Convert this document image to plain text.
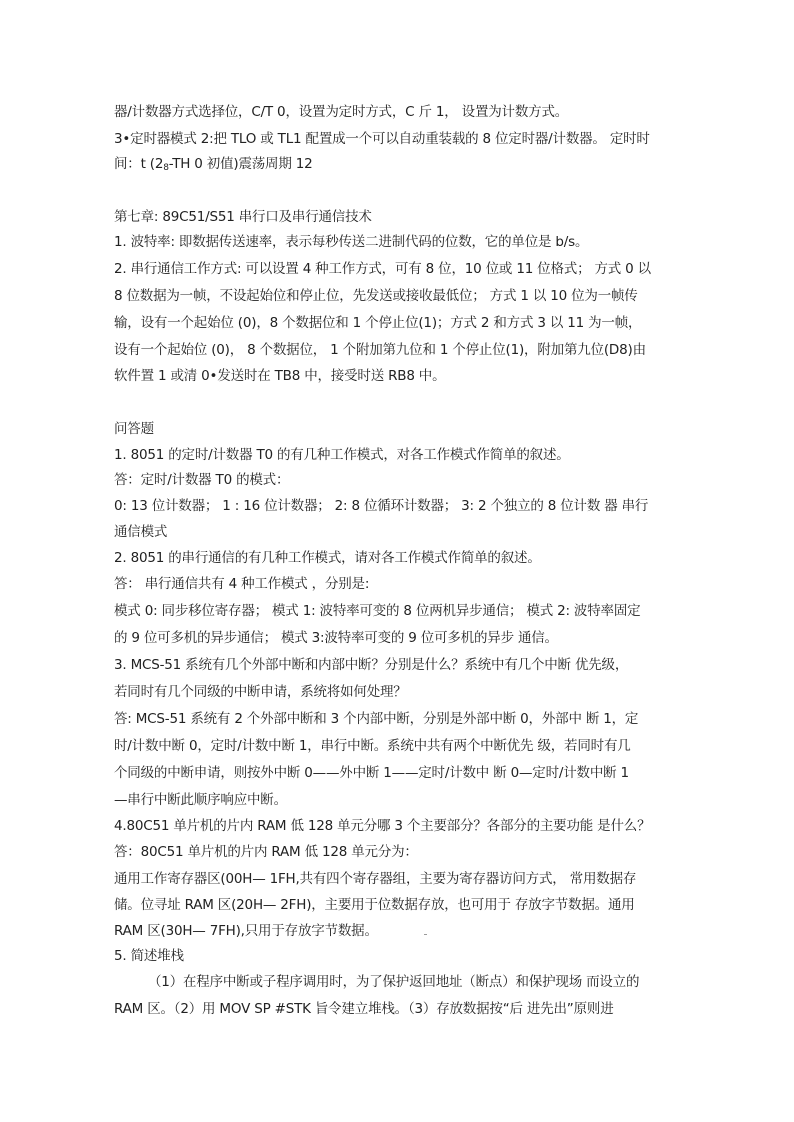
器/计数器方式选择位，C/T 0，设置为定时方式，C 斤 1， 设置为计数方式。
3•定时器模式 2:把 TLO 或 TL1 配置成一个可以自动重装载的 8 位定时器/计数器。 定时时
间：t ($2_8-TH$ 0 初值)震荡周期 12
第七章: 89C51/S51 串行口及串行通信技术
1. 波特率: 即数据传送速率，表示每秒传送二进制代码的位数，它的单位是 b/s。
2. 串行通信工作方式: 可以设置 4 种工作方式，可有 8 位，10 位或 11 位格式； 方式 0 以
8 位数据为一帧，不设起始位和停止位，先发送或接收最低位； 方式 1 以 10 位为一帧传
输，设有一个起始位 (0)，8 个数据位和 1 个停止位(1)；方式 2 和方式 3 以 11 为一帧，
设有一个起始位 (0)， 8 个数据位， 1 个附加第九位和 1 个停止位(1)，附加第九位(D8)由
软件置 1 或清 0•发送时在 TB8 中，接受时送 RB8 中。
问答题
1. 8051 的定时/计数器 T0 的有几种工作模式，对各工作模式作简单的叙述。
答：定时/计数器 T0 的模式：
0: 13 位计数器； 1 : 16 位计数器； 2: 8 位循环计数器； 3: 2 个独立的 8 位计数 器 串行
通信模式
2. 8051 的串行通信的有几种工作模式，请对各工作模式作简单的叙述。
答： 串行通信共有 4 种工作模式 ，分别是:
模式 0: 同步移位寄存器； 模式 1: 波特率可变的 8 位两机异步通信； 模式 2: 波特率固定
的 9 位可多机的异步通信； 模式 3:波特率可变的 9 位可多机的异步 通信。
3. MCS-51 系统有几个外部中断和内部中断？分别是什么？系统中有几个中断 优先级，
若同时有几个同级的中断申请，系统将如何处理？
答: MCS-51 系统有 2 个外部中断和 3 个内部中断，分别是外部中断 0，外部中 断 1，定
时/计数中断 0，定时/计数中断 1，串行中断。系统中共有两个中断优先 级，若同时有几
个同级的中断申请，则按外中断 0——外中断 1——定时/计数中 断 0—定时/计数中断 1
—串行中断此顺序响应中断。
4.80C51 单片机的片内 RAM 低 128 单元分哪 3 个主要部分？各部分的主要功能 是什么？
答：80C51 单片机的片内 RAM 低 128 单元分为：
通用工作寄存器区(00H— 1FH,共有四个寄存器组，主要为寄存器访问方式， 常用数据存
储。位寻址 RAM 区(20H— 2FH)，主要用于位数据存放，也可用于 存放字节数据。通用
RAM 区(30H— 7FH),只用于存放字节数据。
5. 简述堆栈
（1）在程序中断或子程序调用时，为了保护返回地址（断点）和保护现场 而设立的
RAM 区。（2）用 MOV SP #STK 旨令建立堆栈。（3）存放数据按“后 进先出”原则进
